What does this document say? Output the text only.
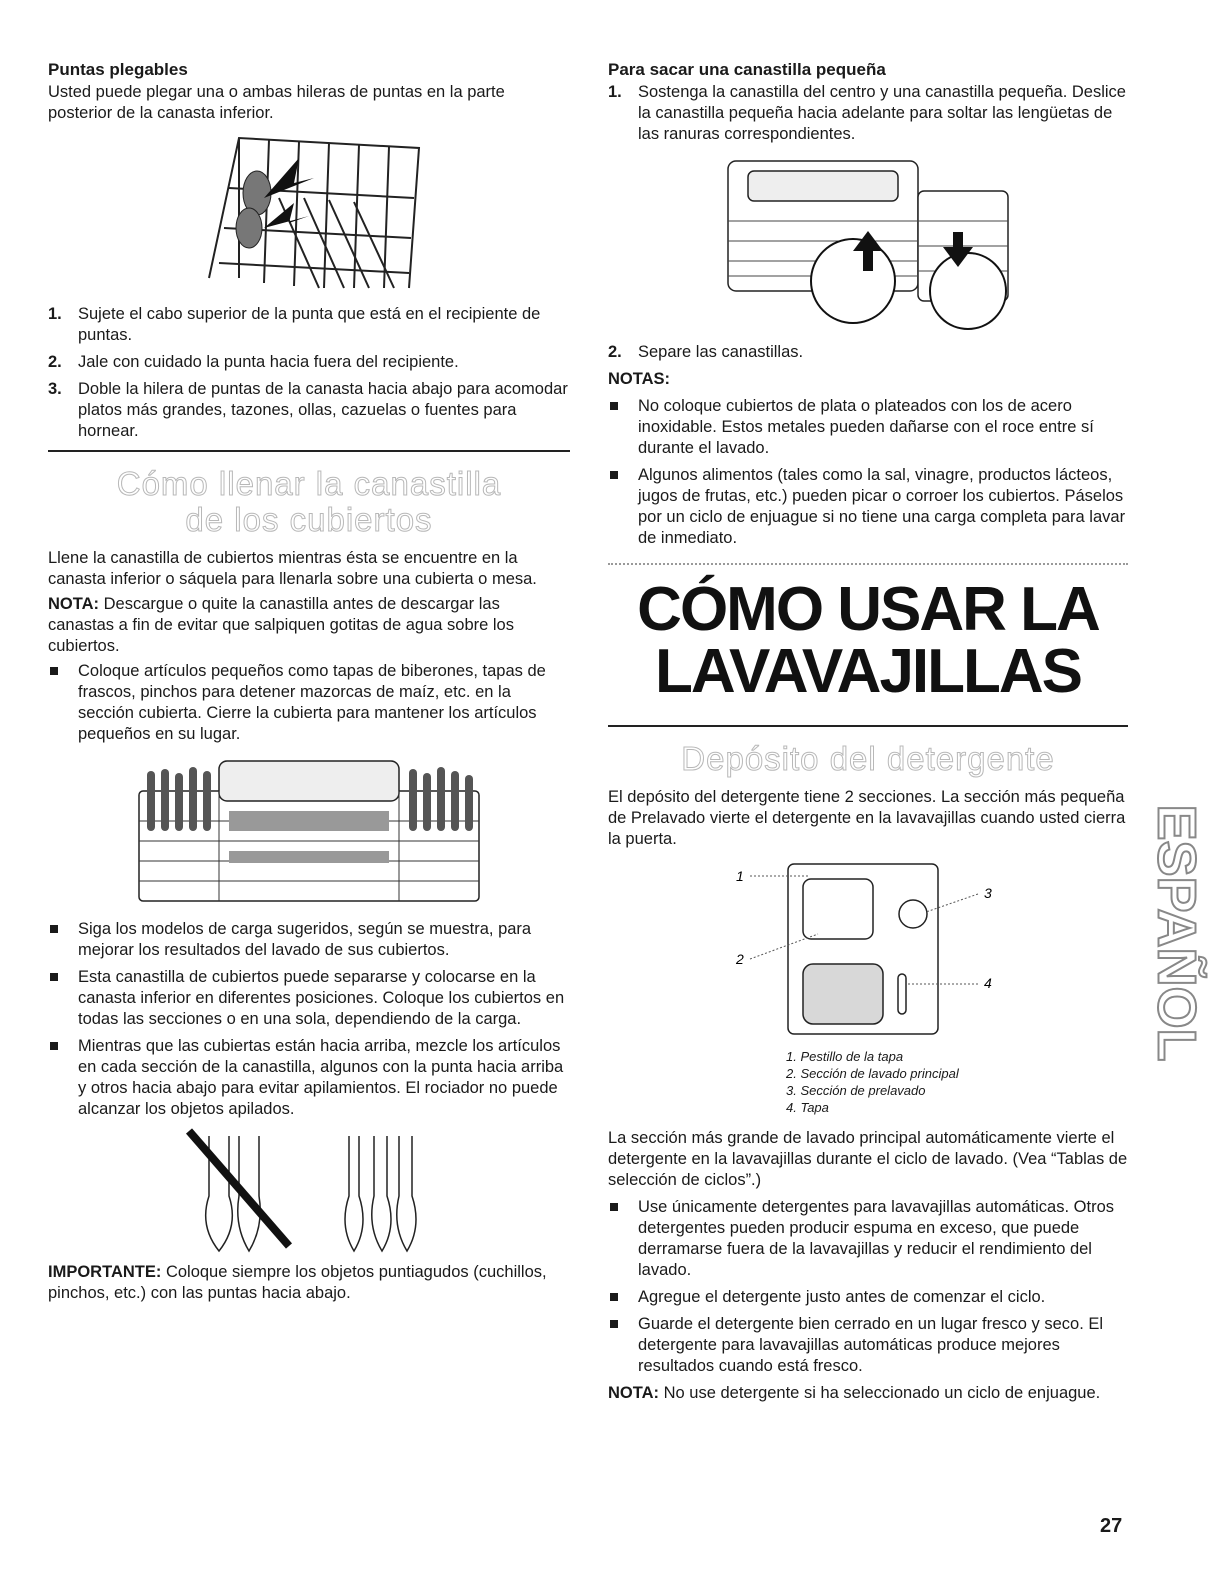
Puntas plegables

Usted puede plegar una o ambas hileras de puntas en la parte posterior de la canasta inferior.

1. Sujete el cabo superior de la punta que está en el recipiente de puntas.
2. Jale con cuidado la punta hacia fuera del recipiente.
3. Doble la hilera de puntas de la canasta hacia abajo para acomodar platos más grandes, tazones, ollas, cazuelas o fuentes para hornear.
Cómo llenar la canastilla
de los cubiertos

Llene la canastilla de cubiertos mientras ésta se encuentre en la canasta inferior o sáquela para llenarla sobre una cubierta o mesa.

NOTA: Descargue o quite la canastilla antes de descargar las canastas a fin de evitar que salpiquen gotitas de agua sobre los cubiertos.

Coloque artículos pequeños como tapas de biberones, tapas de frascos, pinchos para detener mazorcas de maíz, etc. en la sección cubierta. Cierre la cubierta para mantener los artículos pequeños en su lugar.
Siga los modelos de carga sugeridos, según se muestra, para mejorar los resultados del lavado de sus cubiertos.
Esta canastilla de cubiertos puede separarse y colocarse en la canasta inferior en diferentes posiciones. Coloque los cubiertos en todas las secciones o en una sola, dependiendo de la carga.
Mientras que las cubiertas están hacia arriba, mezcle los artículos en cada sección de la canastilla, algunos con la punta hacia arriba y otros hacia abajo para evitar apilamientos. El rociador no puede alcanzar los objetos apilados.

IMPORTANTE: Coloque siempre los objetos puntiagudos (cuchillos, pinchos, etc.) con las puntas hacia abajo.

Para sacar una canastilla pequeña
1. Sostenga la canastilla del centro y una canastilla pequeña. Deslice la canastilla pequeña hacia adelante para soltar las lengüetas de las ranuras correspondientes.
2. Separe las canastillas.

NOTAS:

No coloque cubiertos de plata o plateados con los de acero inoxidable. Estos metales pueden dañarse con el roce entre sí durante el lavado.
Algunos alimentos (tales como la sal, vinagre, productos lácteos, jugos de frutas, etc.) pueden picar o corroer los cubiertos. Páselos por un ciclo de enjuague si no tiene una carga completa para lavar de inmediato.
CÓMO USAR LA
LAVAVAJILLAS
Depósito del detergente

El depósito del detergente tiene 2 secciones. La sección más pequeña de Prelavado vierte el detergente en la lavavajillas cuando usted cierra la puerta.

1
2
3
4
1. Pestillo de la tapa
2. Sección de lavado principal
3. Sección de prelavado
4. Tapa

La sección más grande de lavado principal automáticamente vierte el detergente en la lavavajillas durante el ciclo de lavado. (Vea “Tablas de selección de ciclos”.)

Use únicamente detergentes para lavavajillas automáticas. Otros detergentes pueden producir espuma en exceso, que puede derramarse fuera de la lavavajillas y reducir el rendimiento del lavado.
Agregue el detergente justo antes de comenzar el ciclo.
Guarde el detergente bien cerrado en un lugar fresco y seco. El detergente para lavavajillas automáticas produce mejores resultados cuando está fresco.

NOTA: No use detergente si ha seleccionado un ciclo de enjuague.

ESPAÑOL
27
